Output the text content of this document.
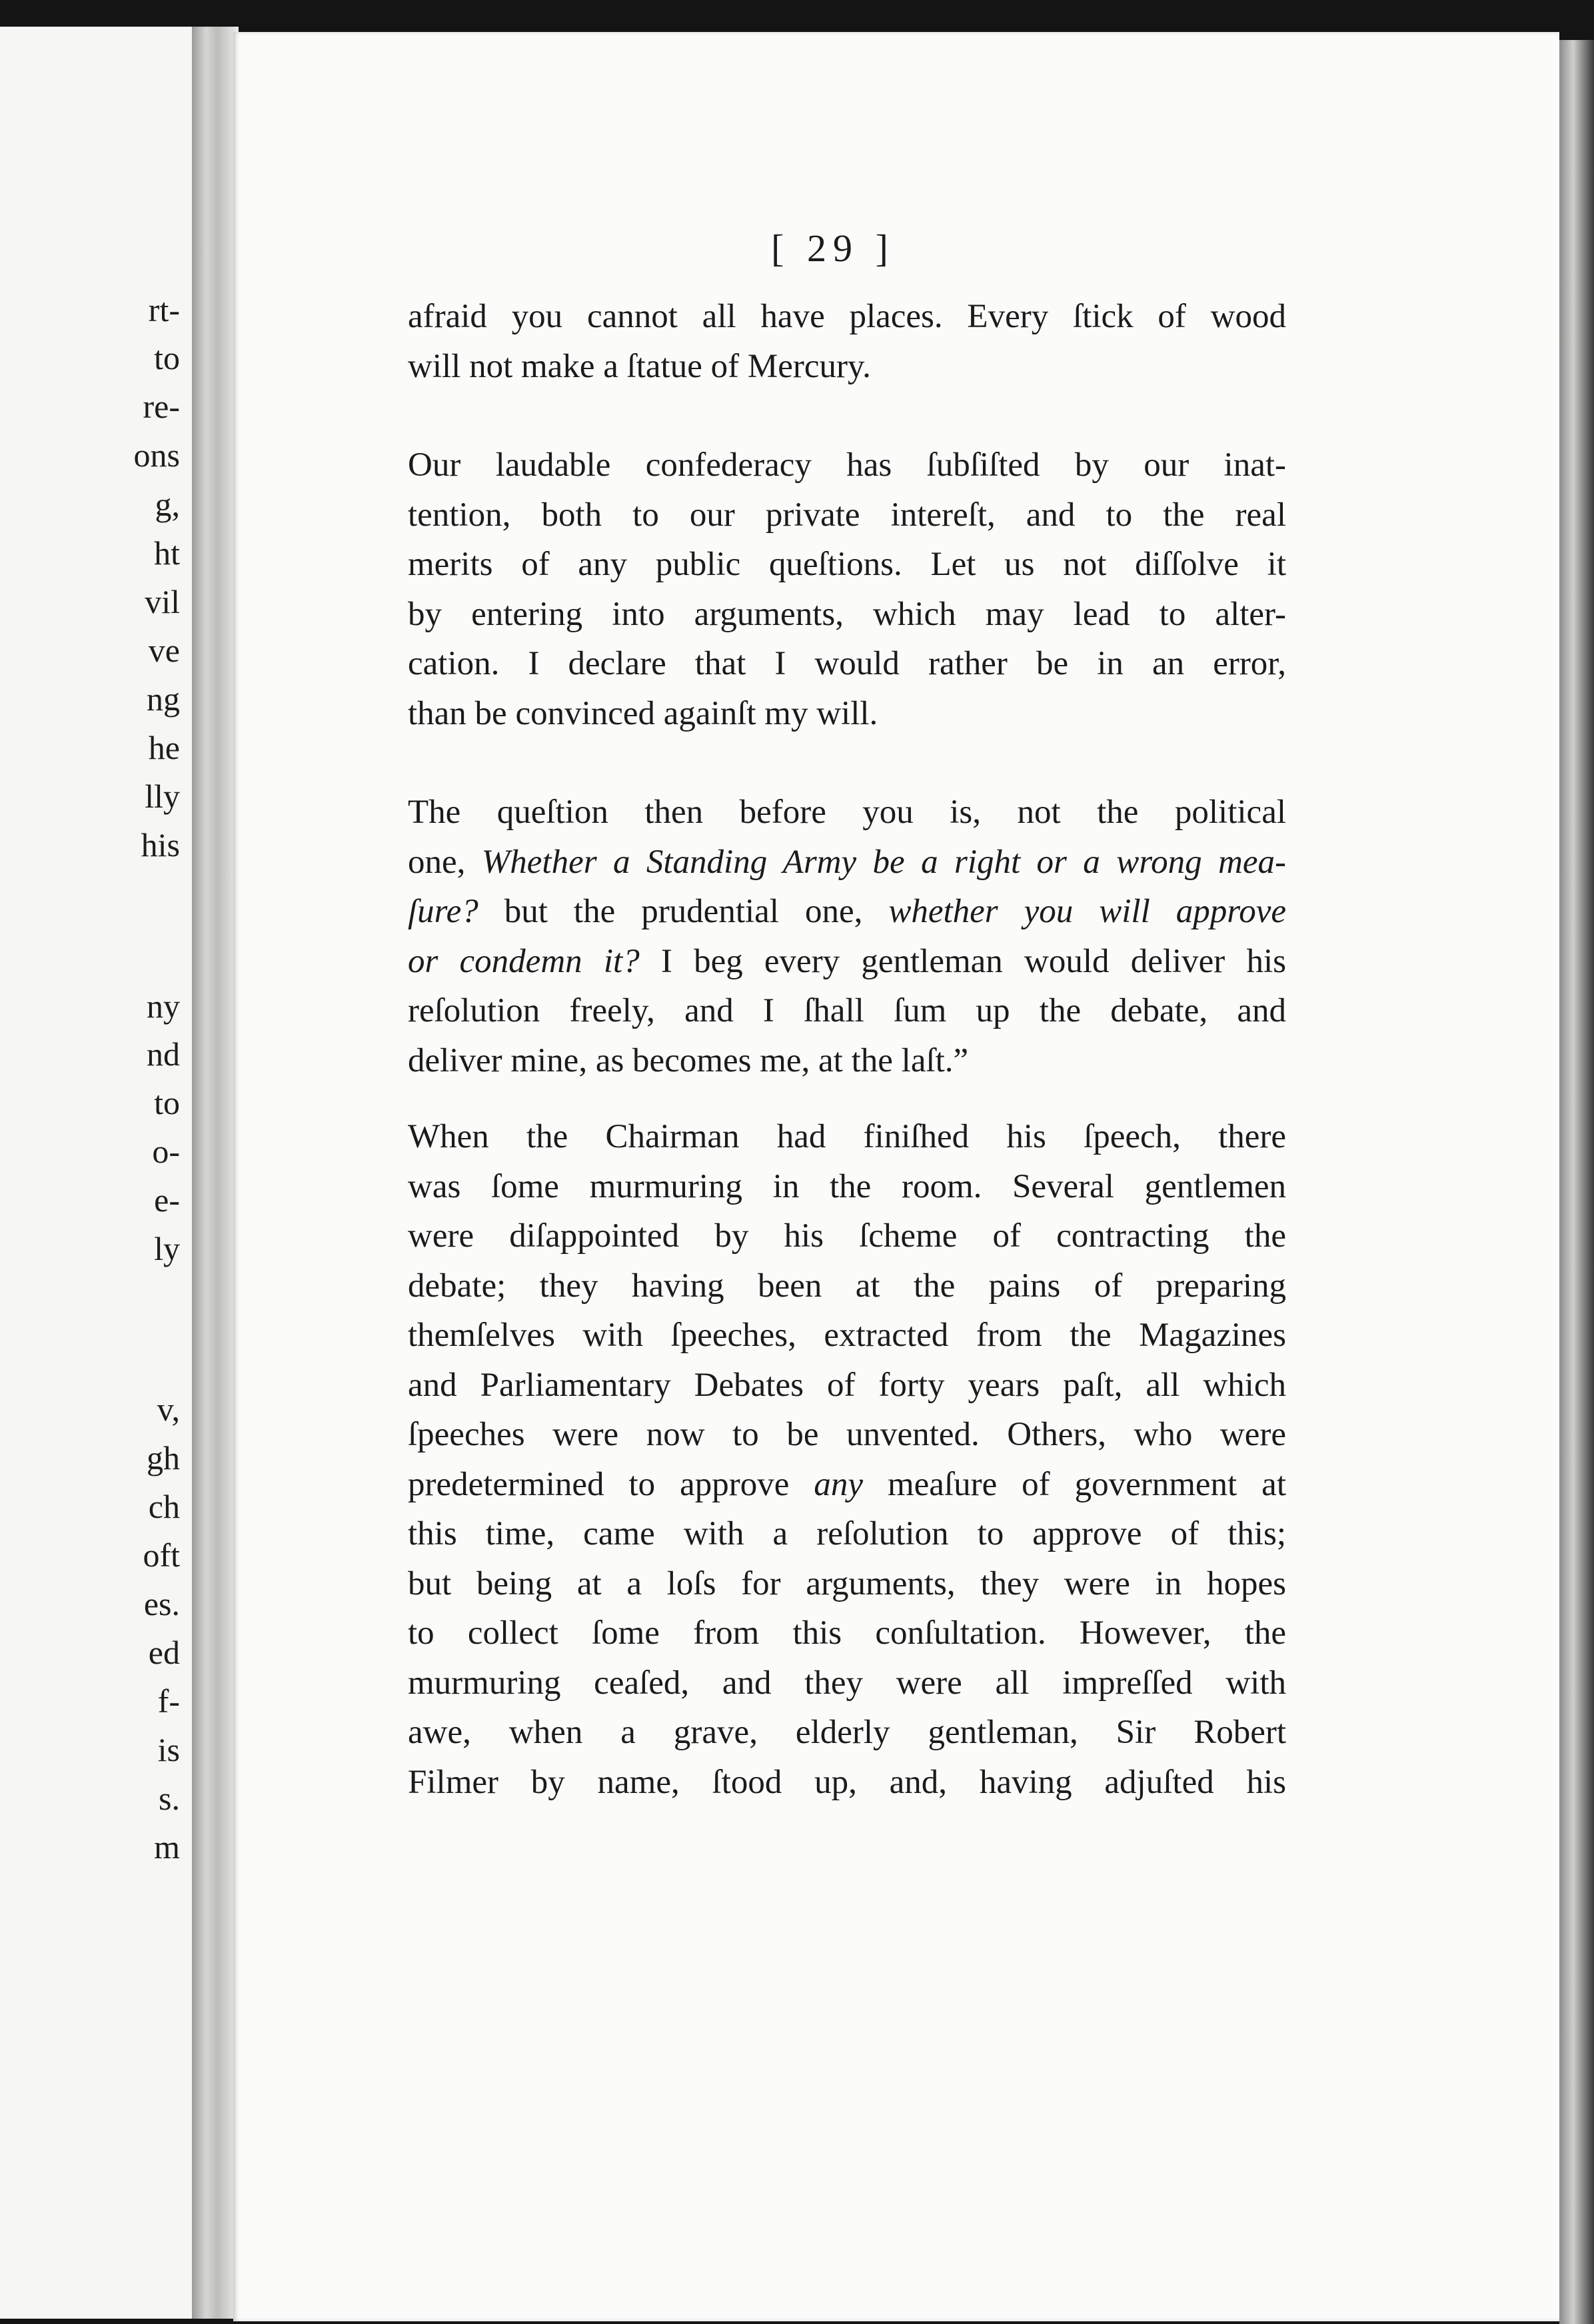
rt-
to
re-
ons
g,
ht
vil
ve
ng
he
lly
his
ny
nd
to
o-
e-
ly
v,
gh
ch
oft
es.
ed
f-
is
s.
m
[ 29 ]

afraid you cannot all have places. Every ſtick of wood
will not make a ſtatue of Mercury.

Our laudable confederacy has ſubſiſted by our inat-
tention, both to our private intereſt, and to the real
merits of any public queſtions. Let us not diſſolve it
by entering into arguments, which may lead to alter-
cation. I declare that I would rather be in an error,
than be convinced againſt my will.

The queſtion then before you is, not the political
one, Whether a Standing Army be a right or a wrong mea-
ſure? but the prudential one, whether you will approve
or condemn it? I beg every gentleman would deliver his
reſolution freely, and I ſhall ſum up the debate, and
deliver mine, as becomes me, at the laſt.”

When the Chairman had finiſhed his ſpeech, there
was ſome murmuring in the room. Several gentlemen
were diſappointed by his ſcheme of contracting the
debate; they having been at the pains of preparing
themſelves with ſpeeches, extracted from the Magazines
and Parliamentary Debates of forty years paſt, all which
ſpeeches were now to be unvented. Others, who were
predetermined to approve any meaſure of government at
this time, came with a reſolution to approve of this;
but being at a loſs for arguments, they were in hopes
to collect ſome from this conſultation. However, the
murmuring ceaſed, and they were all impreſſed with
awe, when a grave, elderly gentleman, Sir Robert
Filmer by name, ſtood up, and, having adjuſted his
